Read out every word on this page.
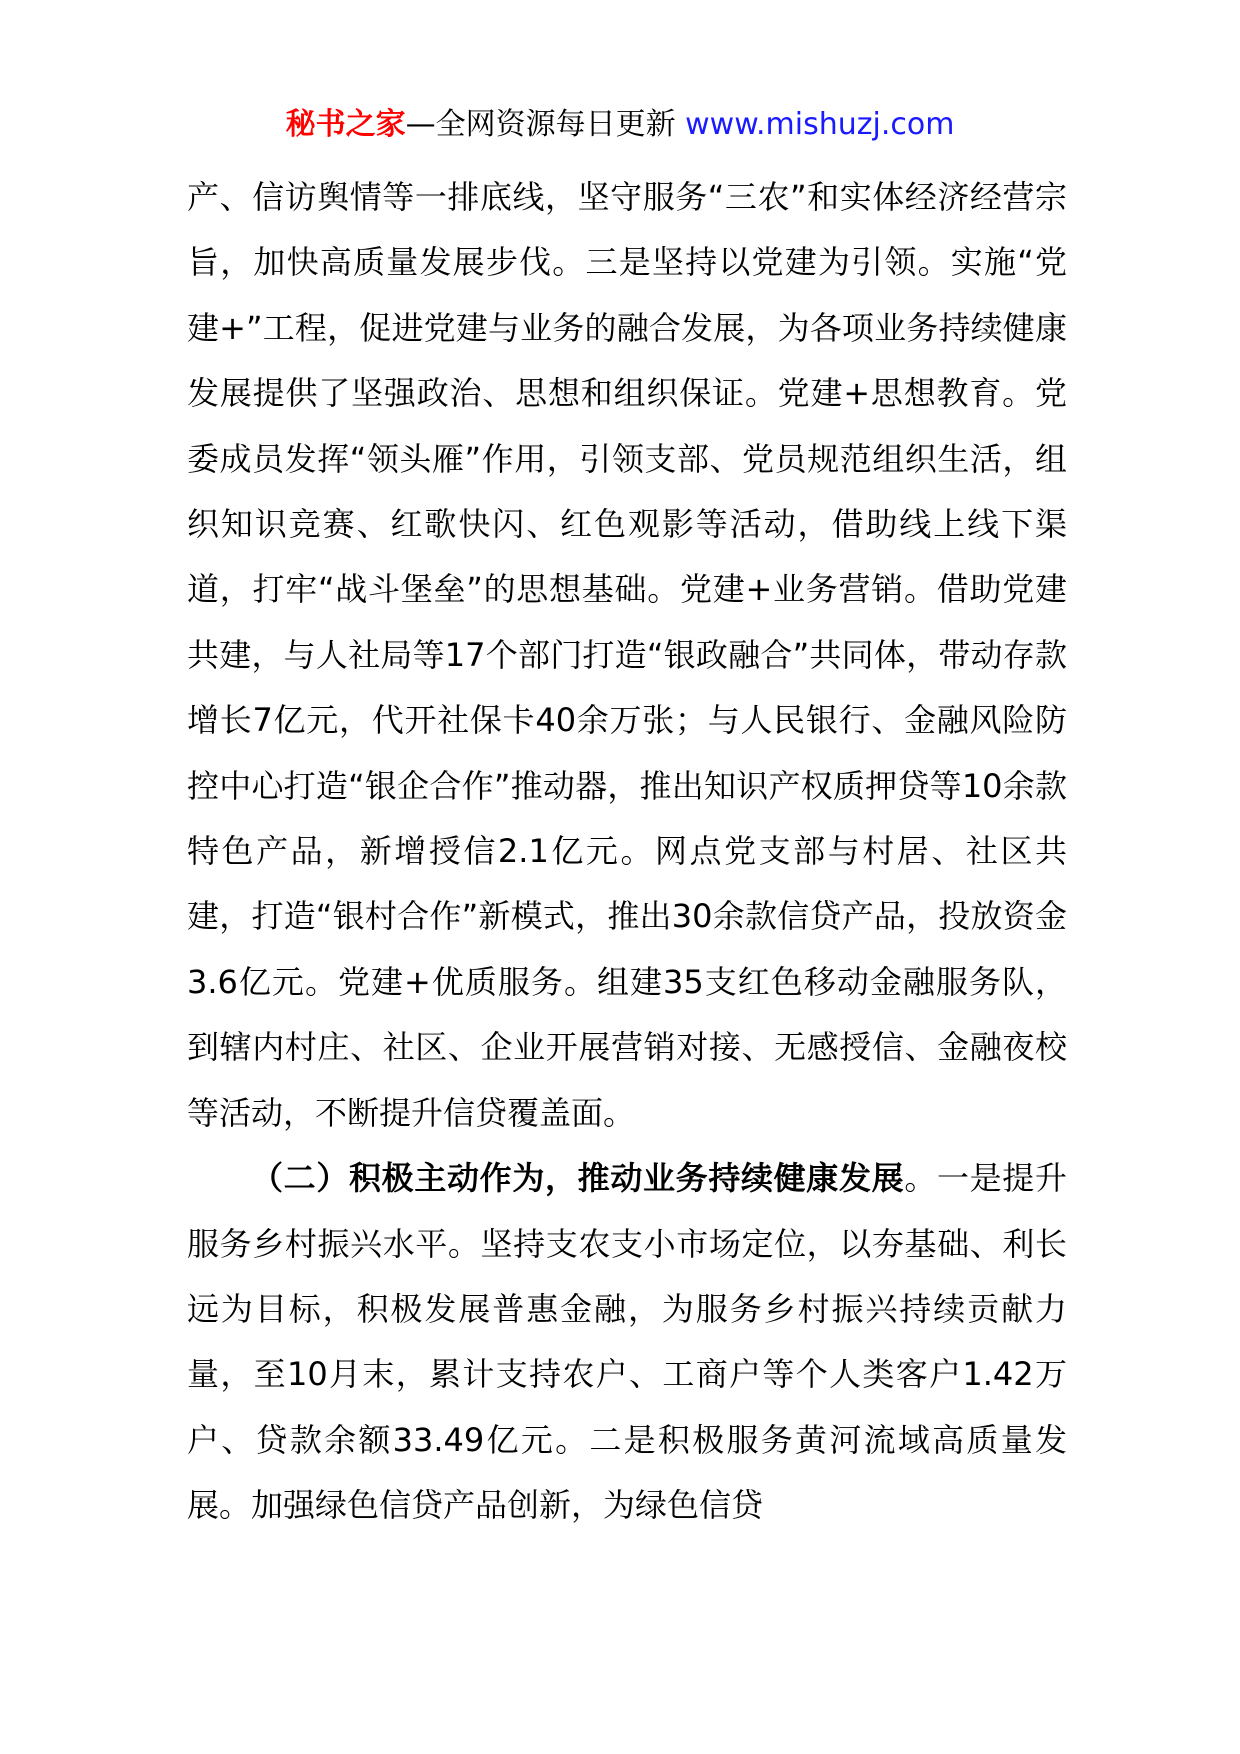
秘书之家—全网资源每日更新 www.mishuzj.com

产、信访舆情等一排底线，坚守服务“三农”和实体经济经营宗旨，加快高质量发展步伐。三是坚持以党建为引领。实施“党建+”工程，促进党建与业务的融合发展，为各项业务持续健康发展提供了坚强政治、思想和组织保证。党建+思想教育。党委成员发挥“领头雁”作用，引领支部、党员规范组织生活，组织知识竞赛、红歌快闪、红色观影等活动，借助线上线下渠道，打牢“战斗堡垒”的思想基础。党建+业务营销。借助党建共建，与人社局等17个部门打造“银政融合”共同体，带动存款增长7亿元，代开社保卡40余万张；与人民银行、金融风险防控中心打造“银企合作”推动器，推出知识产权质押贷等10余款特色产品，新增授信2.1亿元。网点党支部与村居、社区共建，打造“银村合作”新模式，推出30余款信贷产品，投放资金3.6亿元。党建+优质服务。组建35支红色移动金融服务队，到辖内村庄、社区、企业开展营销对接、无感授信、金融夜校等活动，不断提升信贷覆盖面。

（二）积极主动作为，推动业务持续健康发展。一是提升服务乡村振兴水平。坚持支农支小市场定位，以夯基础、利长远为目标，积极发展普惠金融，为服务乡村振兴持续贡献力量，至10月末，累计支持农户、工商户等个人类客户1.42万户、贷款余额33.49亿元。二是积极服务黄河流域高质量发展。加强绿色信贷产品创新，为绿色信贷
